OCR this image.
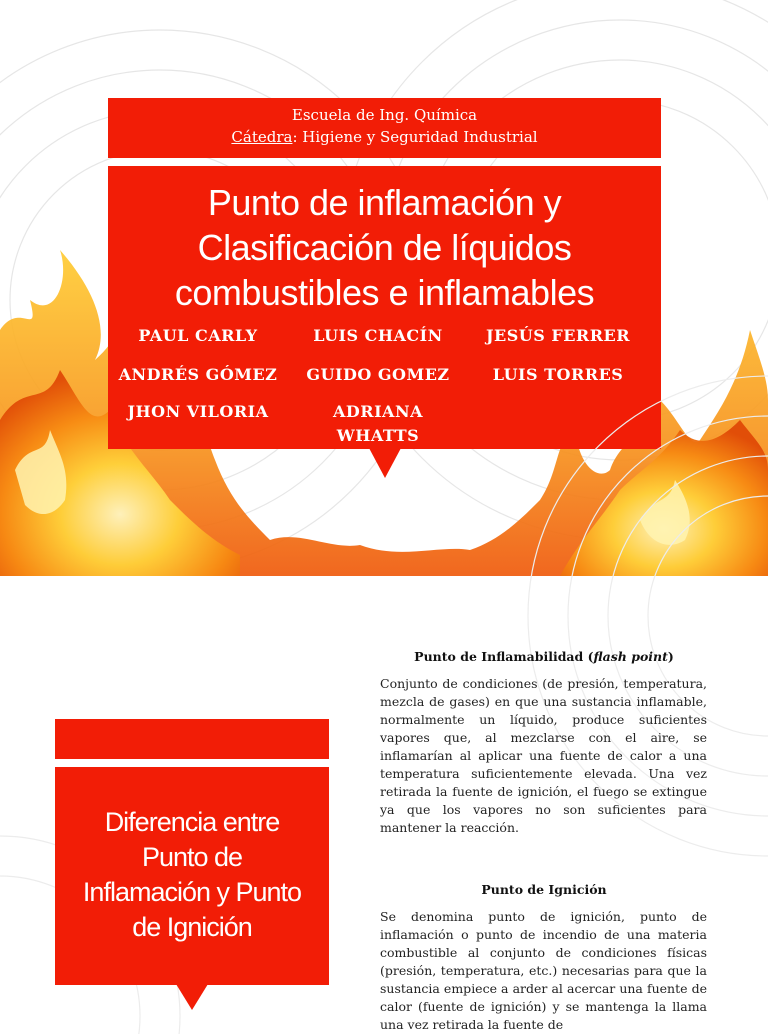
Escuela de Ing. Química
Cátedra: Higiene y Seguridad Industrial
Punto de inflamación y
Clasificación de líquidos
combustibles e inflamables
PAUL CARLY	LUIS CHACÍN	JESÚS FERRER
ANDRÉS GÓMEZ	GUIDO GOMEZ	LUIS TORRES
JHON VILORIA	ADRIANA
WHATTS
Diferencia entre
Punto de
Inflamación y Punto
de Ignición
Punto de Inflamabilidad (flash point)

Conjunto de condiciones (de presión, temperatura, mezcla de gases) en que una sustancia inflamable, normalmente un líquido, produce suficientes vapores que, al mezclarse con el aire, se inflamarían al aplicar una fuente de calor a una temperatura suficientemente elevada. Una vez retirada la fuente de ignición, el fuego se extingue ya que los vapores no son suficientes para mantener la reacción.

Punto de Ignición

Se denomina punto de ignición, punto de inflamación o punto de incendio de una materia combustible al conjunto de condiciones físicas (presión, temperatura, etc.) necesarias para que la sustancia empiece a arder al acercar una fuente de calor (fuente de ignición) y se mantenga la llama una vez retirada la fuente de
